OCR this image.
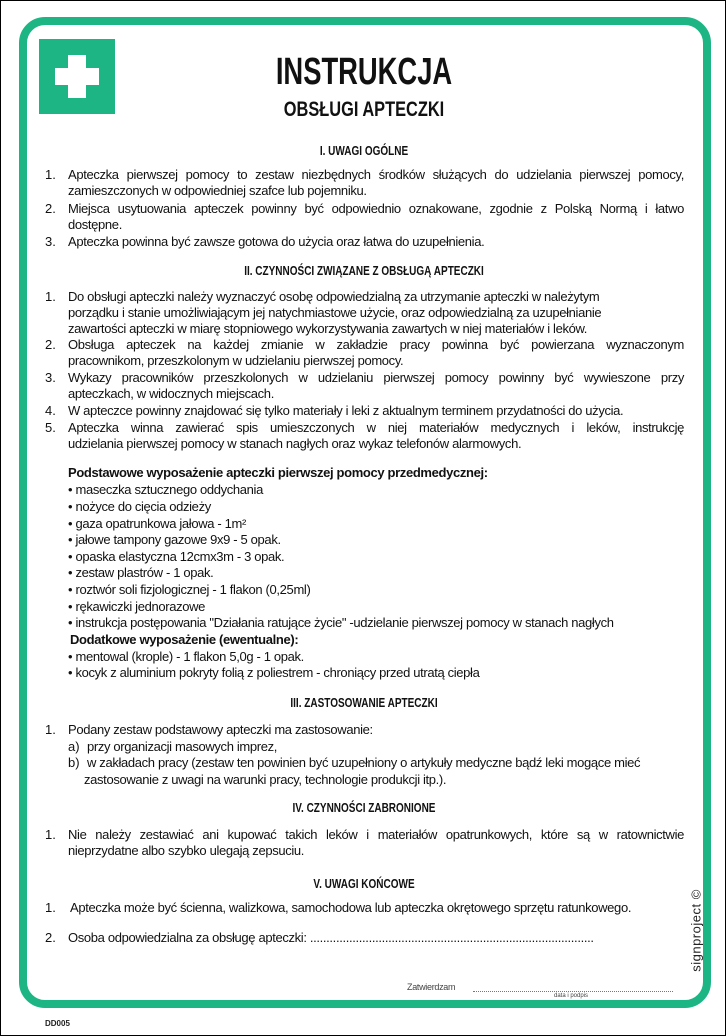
INSTRUKCJA
OBSŁUGI APTECZKI
I. UWAGI OGÓLNE
1. Apteczka pierwszej pomocy to zestaw niezbędnych środków służących do udzielania pierwszej pomocy,
zamieszczonych w odpowiedniej szafce lub pojemniku.
2. Miejsca usytuowania apteczek powinny być odpowiednio oznakowane, zgodnie z Polską Normą i łatwo
dostępne.
3. Apteczka powinna być zawsze gotowa do użycia oraz łatwa do uzupełnienia.
II. CZYNNOŚCI ZWIĄZANE Z OBSŁUGĄ APTECZKI
1. Do obsługi apteczki należy wyznaczyć osobę odpowiedzialną za utrzymanie apteczki w należytym
porządku i stanie umożliwiającym jej natychmiastowe użycie, oraz odpowiedzialną za uzupełnianie
zawartości apteczki w miarę stopniowego wykorzystywania zawartych w niej materiałów i leków.
2. Obsługa apteczek na każdej zmianie w zakładzie pracy powinna być powierzana wyznaczonym
pracownikom, przeszkolonym w udzielaniu pierwszej pomocy.
3. Wykazy pracowników przeszkolonych w udzielaniu pierwszej pomocy powinny być wywieszone przy
apteczkach, w widocznych miejscach.
4. W apteczce powinny znajdować się tylko materiały i leki z aktualnym terminem przydatności do użycia.
5. Apteczka winna zawierać spis umieszczonych w niej materiałów medycznych i leków, instrukcję
udzielania pierwszej pomocy w stanach nagłych oraz wykaz telefonów alarmowych.
Podstawowe wyposażenie apteczki pierwszej pomocy przedmedycznej:
• maseczka sztucznego oddychania
• nożyce do cięcia odzieży
• gaza opatrunkowa jałowa - 1m²
• jałowe tampony gazowe 9x9 - 5 opak.
• opaska elastyczna 12cmx3m - 3 opak.
• zestaw plastrów - 1 opak.
• roztwór soli fizjologicznej - 1 flakon (0,25ml)
• rękawiczki jednorazowe
• instrukcja postępowania "Działania ratujące życie" -udzielanie pierwszej pomocy w stanach nagłych
Dodatkowe wyposażenie (ewentualne):
• mentowal (krople) - 1 flakon 5,0g - 1 opak.
• kocyk z aluminium pokryty folią z poliestrem - chroniący przed utratą ciepła
III. ZASTOSOWANIE APTECZKI
1. Podany zestaw podstawowy apteczki ma zastosowanie:
a) przy organizacji masowych imprez,
b) w zakładach pracy (zestaw ten powinien być uzupełniony o artykuły medyczne bądź leki mogące mieć
zastosowanie z uwagi na warunki pracy, technologie produkcji itp.).
IV. CZYNNOŚCI ZABRONIONE
1. Nie należy zestawiać ani kupować takich leków i materiałów opatrunkowych, które są w ratownictwie
nieprzydatne albo szybko ulegają zepsuciu.
V. UWAGI KOŃCOWE
1. Apteczka może być ścienna, walizkowa, samochodowa lub apteczka okrętowego sprzętu ratunkowego.
2. Osoba odpowiedzialna za obsługę apteczki: .......................................................................................
Zatwierdzam
data i podpis
signproject ©
DD005
